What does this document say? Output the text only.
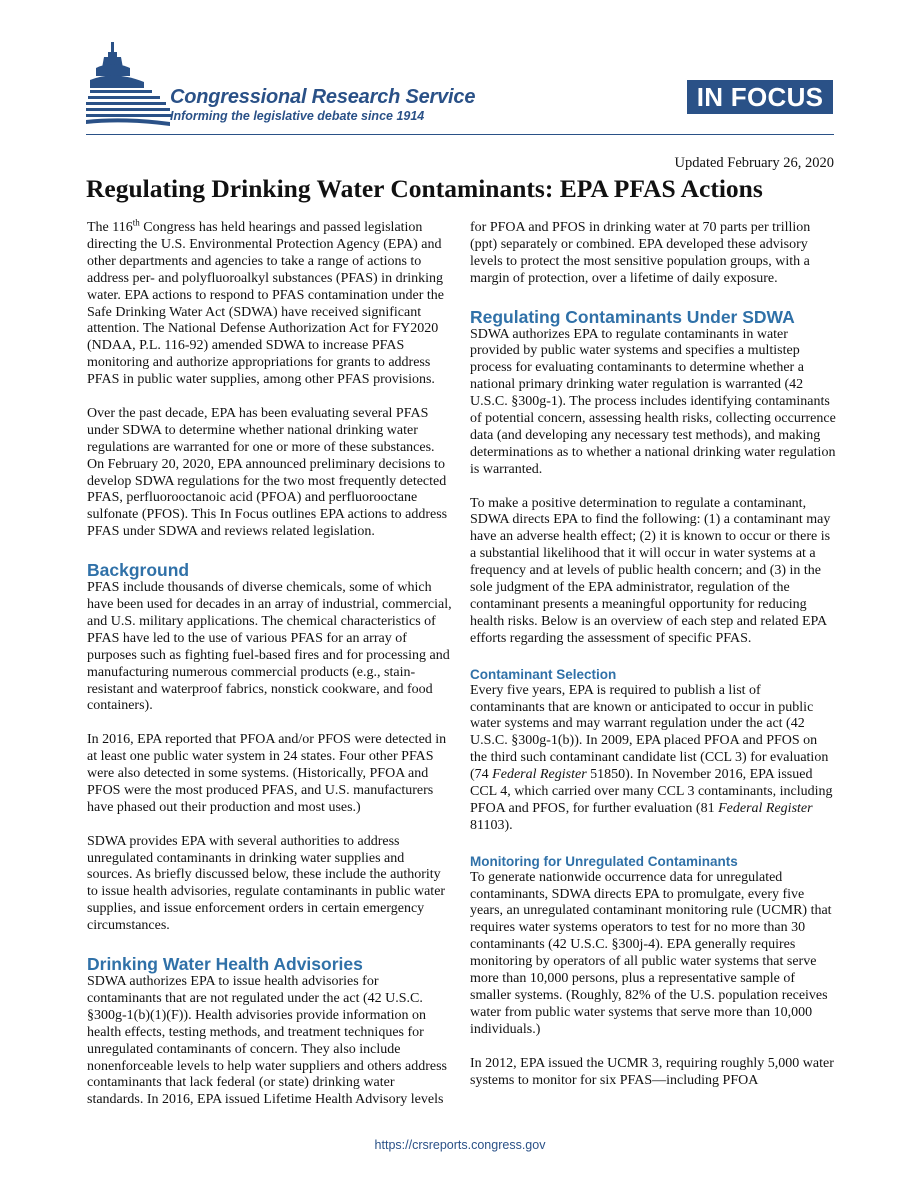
Congressional Research Service
Informing the legislative debate since 1914
IN FOCUS
Updated February 26, 2020
Regulating Drinking Water Contaminants: EPA PFAS Actions

The 116th Congress has held hearings and passed legislation directing the U.S. Environmental Protection Agency (EPA) and other departments and agencies to take a range of actions to address per- and polyfluoroalkyl substances (PFAS) in drinking water. EPA actions to respond to PFAS contamination under the Safe Drinking Water Act (SDWA) have received significant attention. The National Defense Authorization Act for FY2020 (NDAA, P.L. 116-92) amended SDWA to increase PFAS monitoring and authorize appropriations for grants to address PFAS in public water supplies, among other PFAS provisions.

Over the past decade, EPA has been evaluating several PFAS under SDWA to determine whether national drinking water regulations are warranted for one or more of these substances. On February 20, 2020, EPA announced preliminary decisions to develop SDWA regulations for the two most frequently detected PFAS, perfluorooctanoic acid (PFOA) and perfluorooctane sulfonate (PFOS). This In Focus outlines EPA actions to address PFAS under SDWA and reviews related legislation.

Background

PFAS include thousands of diverse chemicals, some of which have been used for decades in an array of industrial, commercial, and U.S. military applications. The chemical characteristics of PFAS have led to the use of various PFAS for an array of purposes such as fighting fuel-based fires and for processing and manufacturing numerous commercial products (e.g., stain-resistant and waterproof fabrics, nonstick cookware, and food containers).

In 2016, EPA reported that PFOA and/or PFOS were detected in at least one public water system in 24 states. Four other PFAS were also detected in some systems. (Historically, PFOA and PFOS were the most produced PFAS, and U.S. manufacturers have phased out their production and most uses.)

SDWA provides EPA with several authorities to address unregulated contaminants in drinking water supplies and sources. As briefly discussed below, these include the authority to issue health advisories, regulate contaminants in public water supplies, and issue enforcement orders in certain emergency circumstances.

Drinking Water Health Advisories

SDWA authorizes EPA to issue health advisories for contaminants that are not regulated under the act (42 U.S.C. §300g-1(b)(1)(F)). Health advisories provide information on health effects, testing methods, and treatment techniques for unregulated contaminants of concern. They also include nonenforceable levels to help water suppliers and others address contaminants that lack federal (or state) drinking water standards. In 2016, EPA issued Lifetime Health Advisory levels

for PFOA and PFOS in drinking water at 70 parts per trillion (ppt) separately or combined. EPA developed these advisory levels to protect the most sensitive population groups, with a margin of protection, over a lifetime of daily exposure.

Regulating Contaminants Under SDWA

SDWA authorizes EPA to regulate contaminants in water provided by public water systems and specifies a multistep process for evaluating contaminants to determine whether a national primary drinking water regulation is warranted (42 U.S.C. §300g-1). The process includes identifying contaminants of potential concern, assessing health risks, collecting occurrence data (and developing any necessary test methods), and making determinations as to whether a national drinking water regulation is warranted.

To make a positive determination to regulate a contaminant, SDWA directs EPA to find the following: (1) a contaminant may have an adverse health effect; (2) it is known to occur or there is a substantial likelihood that it will occur in water systems at a frequency and at levels of public health concern; and (3) in the sole judgment of the EPA administrator, regulation of the contaminant presents a meaningful opportunity for reducing health risks. Below is an overview of each step and related EPA efforts regarding the assessment of specific PFAS.

Contaminant Selection

Every five years, EPA is required to publish a list of contaminants that are known or anticipated to occur in public water systems and may warrant regulation under the act (42 U.S.C. §300g-1(b)). In 2009, EPA placed PFOA and PFOS on the third such contaminant candidate list (CCL 3) for evaluation (74 Federal Register 51850). In November 2016, EPA issued CCL 4, which carried over many CCL 3 contaminants, including PFOA and PFOS, for further evaluation (81 Federal Register 81103).

Monitoring for Unregulated Contaminants

To generate nationwide occurrence data for unregulated contaminants, SDWA directs EPA to promulgate, every five years, an unregulated contaminant monitoring rule (UCMR) that requires water systems operators to test for no more than 30 contaminants (42 U.S.C. §300j-4). EPA generally requires monitoring by operators of all public water systems that serve more than 10,000 persons, plus a representative sample of smaller systems. (Roughly, 82% of the U.S. population receives water from public water systems that serve more than 10,000 individuals.)

In 2012, EPA issued the UCMR 3, requiring roughly 5,000 water systems to monitor for six PFAS—including PFOA

https://crsreports.congress.gov
